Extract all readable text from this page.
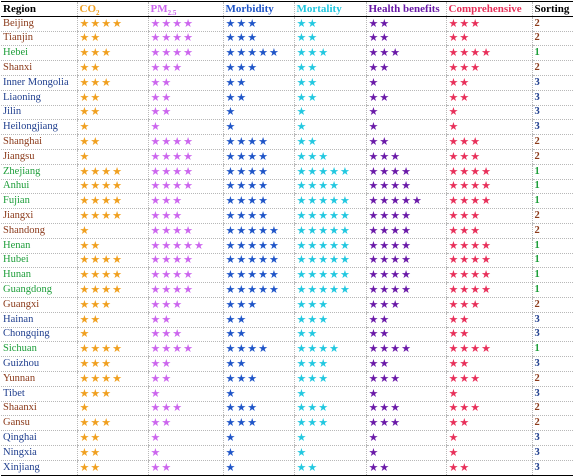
Region	$CO_2$	$PM_{2.5}$	Morbidity	Mortality	Health benefits	Comprehensive	Sorting
Beijing	★★★★	★★★★	★★★	★★	★★	★★★	2
Tianjin	★★	★★★★	★★★	★★	★★	★★	2
Hebei	★★★	★★★★	★★★★★	★★★	★★★	★★★★	1
Shanxi	★★	★★★	★★★	★★	★★	★★★	2
Inner Mongolia	★★★	★★	★★	★★	★	★★	3
Liaoning	★★	★★	★★	★★	★★	★★	3
Jilin	★★	★★	★	★	★	★	3
Heilongjiang	★	★	★	★	★	★	3
Shanghai	★★	★★★★	★★★★	★★	★★	★★★	2
Jiangsu	★	★★★★	★★★★	★★★	★★★	★★★	2
Zhejiang	★★★★	★★★★	★★★★	★★★★★	★★★★	★★★★	1
Anhui	★★★★	★★★★	★★★★	★★★★	★★★★	★★★★	1
Fujian	★★★★	★★★	★★★★	★★★★★	★★★★★	★★★★	1
Jiangxi	★★★★	★★★	★★★★	★★★★★	★★★★	★★★	2
Shandong	★	★★★★	★★★★★	★★★★★	★★★★	★★★	2
Henan	★★	★★★★★	★★★★★	★★★★★	★★★★	★★★★	1
Hubei	★★★★	★★★★	★★★★★	★★★★★	★★★★	★★★★	1
Hunan	★★★★	★★★★	★★★★★	★★★★★	★★★★	★★★★	1
Guangdong	★★★★	★★★★	★★★★★	★★★★★	★★★★	★★★★	1
Guangxi	★★★	★★★	★★★	★★★	★★★	★★★	2
Hainan	★★	★★	★★	★★★	★★	★★	3
Chongqing	★	★★★	★★	★★	★★	★★	3
Sichuan	★★★★	★★★★	★★★★	★★★★	★★★★	★★★★	1
Guizhou	★★★	★★	★★	★★★	★★	★★	3
Yunnan	★★★★	★★	★★★	★★★	★★★	★★★	2
Tibet	★★★	★	★	★	★	★	3
Shaanxi	★	★★★	★★★	★★★	★★★	★★★	2
Gansu	★★★	★★	★★★	★★★	★★★	★★	2
Qinghai	★★	★	★	★	★	★	3
Ningxia	★★	★	★	★	★	★	3
Xinjiang	★★	★★	★	★★	★★	★★	3
